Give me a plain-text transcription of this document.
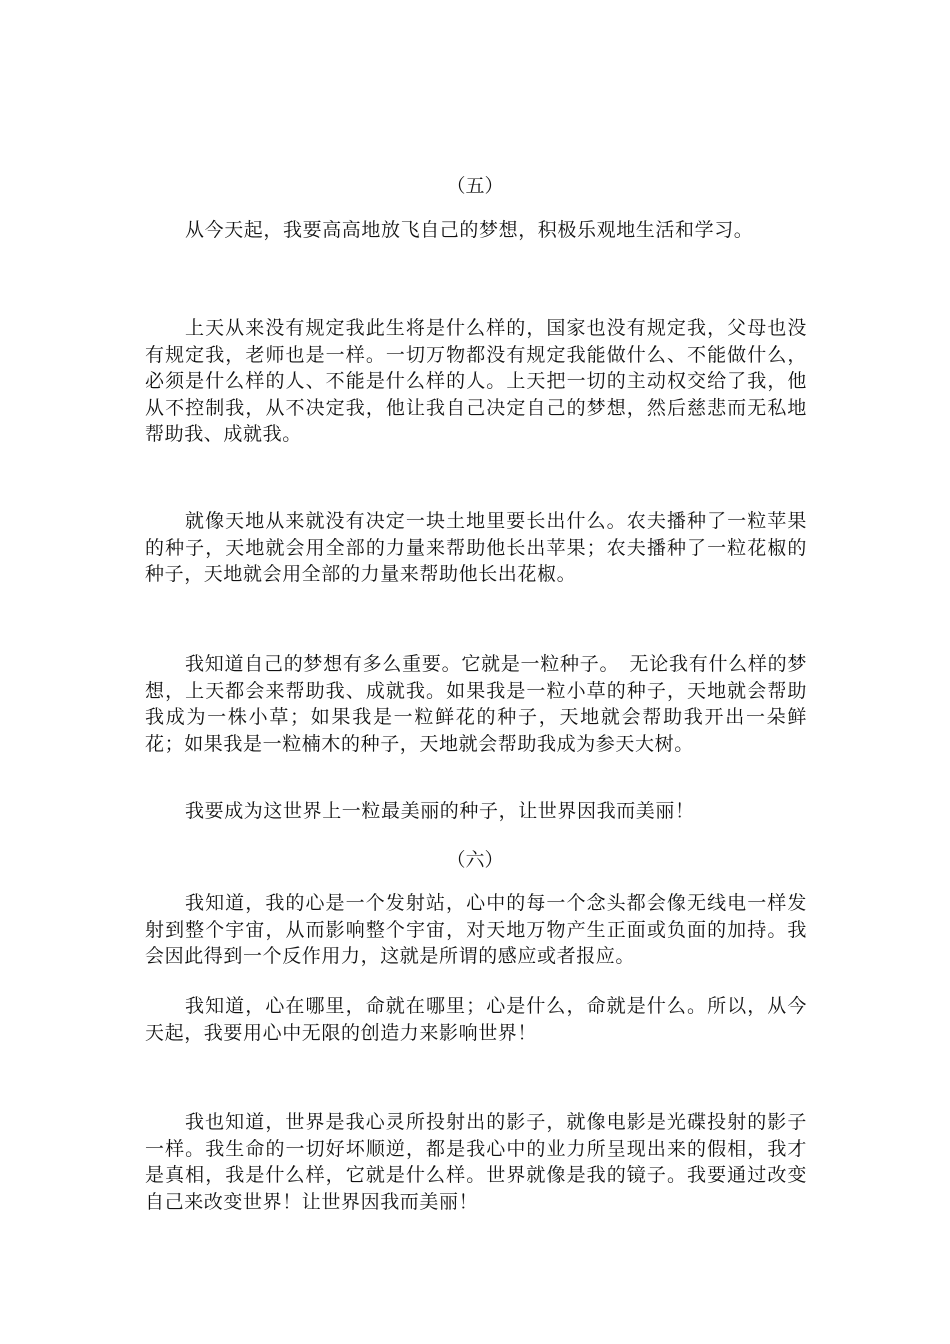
（五）

从今天起，我要高高地放飞自己的梦想，积极乐观地生活和学习。

上天从来没有规定我此生将是什么样的，国家也没有规定我，父母也没有规定我，老师也是一样。一切万物都没有规定我能做什么、不能做什么，必须是什么样的人、不能是什么样的人。上天把一切的主动权交给了我，他从不控制我，从不决定我，他让我自己决定自己的梦想，然后慈悲而无私地帮助我、成就我。

就像天地从来就没有决定一块土地里要长出什么。农夫播种了一粒苹果的种子，天地就会用全部的力量来帮助他长出苹果；农夫播种了一粒花椒的种子，天地就会用全部的力量来帮助他长出花椒。

我知道自己的梦想有多么重要。它就是一粒种子。　无论我有什么样的梦想，上天都会来帮助我、成就我。如果我是一粒小草的种子，天地就会帮助我成为一株小草；如果我是一粒鲜花的种子，天地就会帮助我开出一朵鲜花；如果我是一粒楠木的种子，天地就会帮助我成为参天大树。

我要成为这世界上一粒最美丽的种子，让世界因我而美丽！

（六）

我知道，我的心是一个发射站，心中的每一个念头都会像无线电一样发射到整个宇宙，从而影响整个宇宙，对天地万物产生正面或负面的加持。我会因此得到一个反作用力，这就是所谓的感应或者报应。

我知道，心在哪里，命就在哪里；心是什么，命就是什么。所以，从今天起，我要用心中无限的创造力来影响世界！

我也知道，世界是我心灵所投射出的影子，就像电影是光碟投射的影子一样。我生命的一切好坏顺逆，都是我心中的业力所呈现出来的假相，我才是真相，我是什么样，它就是什么样。世界就像是我的镜子。我要通过改变自己来改变世界！让世界因我而美丽！
